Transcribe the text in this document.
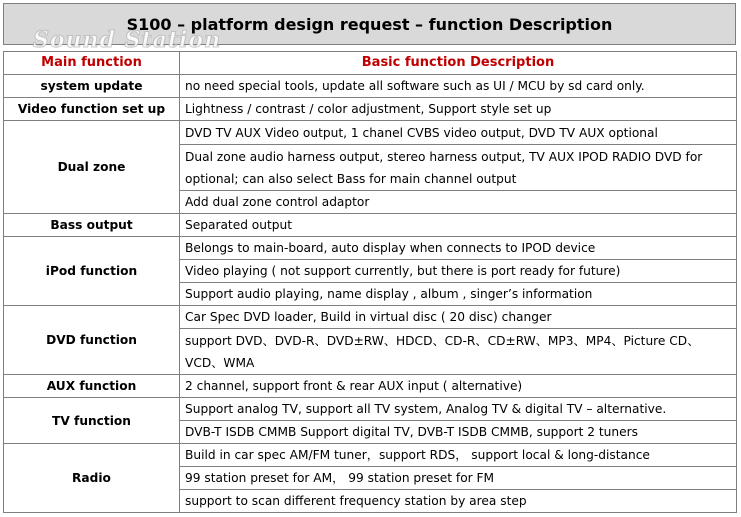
S100 – platform design request – function Description
Sound Station
Main function	Basic function Description
system update	no need special tools, update all software such as UI / MCU by sd card only.
Video function set up	Lightness / contrast / color adjustment, Support style set up
Dual zone	DVD TV AUX Video output, 1 chanel CVBS video output, DVD TV AUX optional
	Dual zone audio harness output, stereo harness output, TV AUX IPOD RADIO DVD for optional; can also select Bass for main channel output
	Add dual zone control adaptor
Bass output	Separated output
iPod function	Belongs to main-board, auto display when connects to IPOD device
	Video playing ( not support currently, but there is port ready for future)
	Support audio playing, name display , album , singer’s information
DVD function	Car Spec DVD loader, Build in virtual disc ( 20 disc) changer
	support DVD、DVD-R、DVD±RW、HDCD、CD-R、CD±RW、MP3、MP4、Picture CD、VCD、WMA
AUX function	2 channel, support front & rear AUX input ( alternative)
TV function	Support analog TV, support all TV system, Analog TV & digital TV – alternative.
	DVB-T ISDB CMMB Support digital TV, DVB-T ISDB CMMB, support 2 tuners
Radio	Build in car spec AM/FM tuner，support RDS， support local & long-distance
	99 station preset for AM， 99 station preset for FM
	support to scan different frequency station by area step
